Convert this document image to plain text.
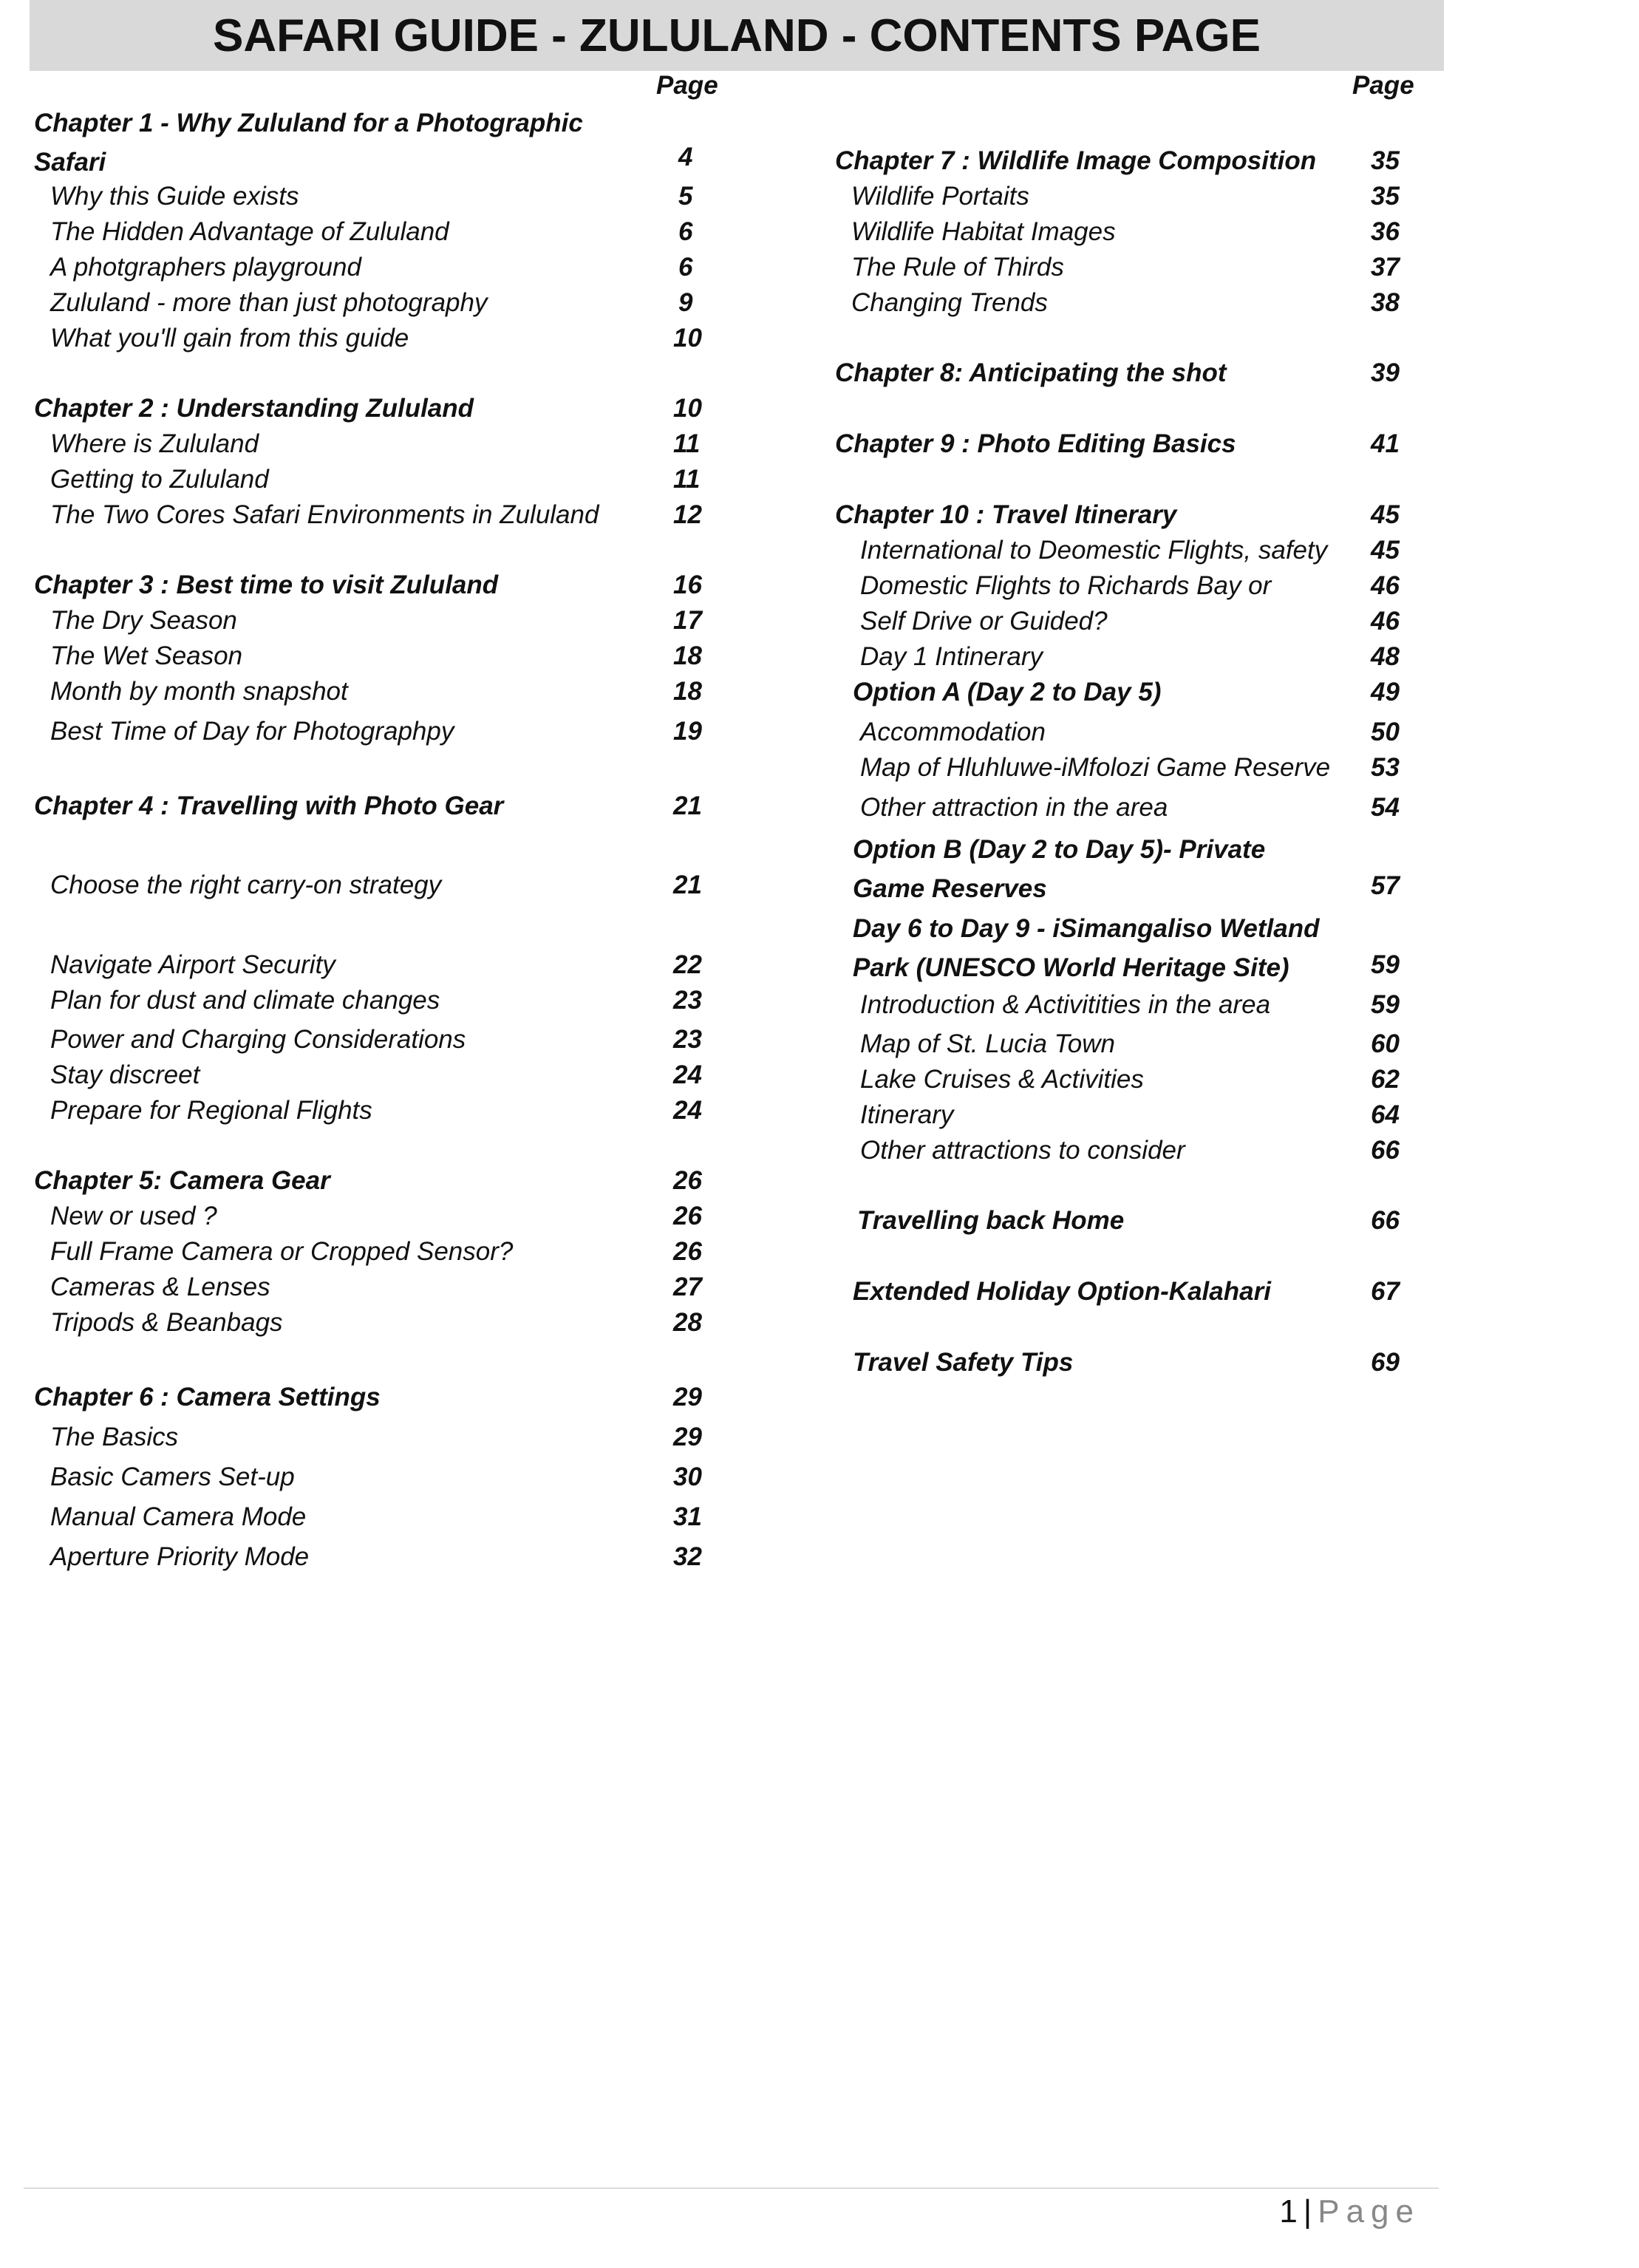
SAFARI GUIDE - ZULULAND - CONTENTS PAGE
Page
Chapter 1 - Why Zululand for a Photographic Safari	4
Why this Guide exists	5
The Hidden Advantage of Zululand	6
A photgraphers playground	6
Zululand - more than just photography	9
What you'll gain from this guide	10
Chapter 2 : Understanding Zululand	10
Where is Zululand	11
Getting to Zululand	11
The Two Cores Safari Environments in Zululand	12
Chapter 3 : Best time to visit Zululand	16
The Dry Season	17
The Wet Season	18
Month by month snapshot	18
Best Time of Day for Photographpy	19
Chapter 4 : Travelling with Photo Gear	21
Choose the right carry-on strategy	21
Navigate Airport Security	22
Plan for dust and climate changes	23
Power and Charging Considerations	23
Stay discreet	24
Prepare for Regional Flights	24
Chapter 5: Camera Gear	26
New or used ?	26
Full Frame Camera or Cropped Sensor?	26
Cameras & Lenses	27
Tripods & Beanbags	28
Chapter 6 : Camera Settings	29
The Basics	29
Basic Camers Set-up	30
Manual Camera Mode	31
Aperture Priority Mode	32
Page
Chapter 7 : Wildlife Image Composition 35
Wildlife Portaits	35
Wildlife Habitat Images	36
The Rule of Thirds	37
Changing Trends	38
Chapter 8: Anticipating the shot	39
Chapter 9 : Photo Editing Basics	41
Chapter 10 : Travel Itinerary	45
International to Deomestic Flights, safety 45
Domestic Flights to Richards Bay or	46
Self Drive or Guided?	46
Day 1 Intinerary	48
Option A (Day 2 to Day 5)	49
Accommodation	50
Map of Hluhluwe-iMfolozi Game Reserve 53
Other attraction in the area	54
Option B (Day 2 to Day 5)- Private Game Reserves	57
Day 6 to Day 9 - iSimangaliso Wetland Park (UNESCO World Heritage Site)	59
Introduction & Activitities in the area	59
Map of St. Lucia Town	60
Lake Cruises & Activities	62
Itinerary	64
Other attractions to consider	66
Travelling back Home	66
Extended Holiday Option-Kalahari	67
Travel Safety Tips	69
1 | Page
